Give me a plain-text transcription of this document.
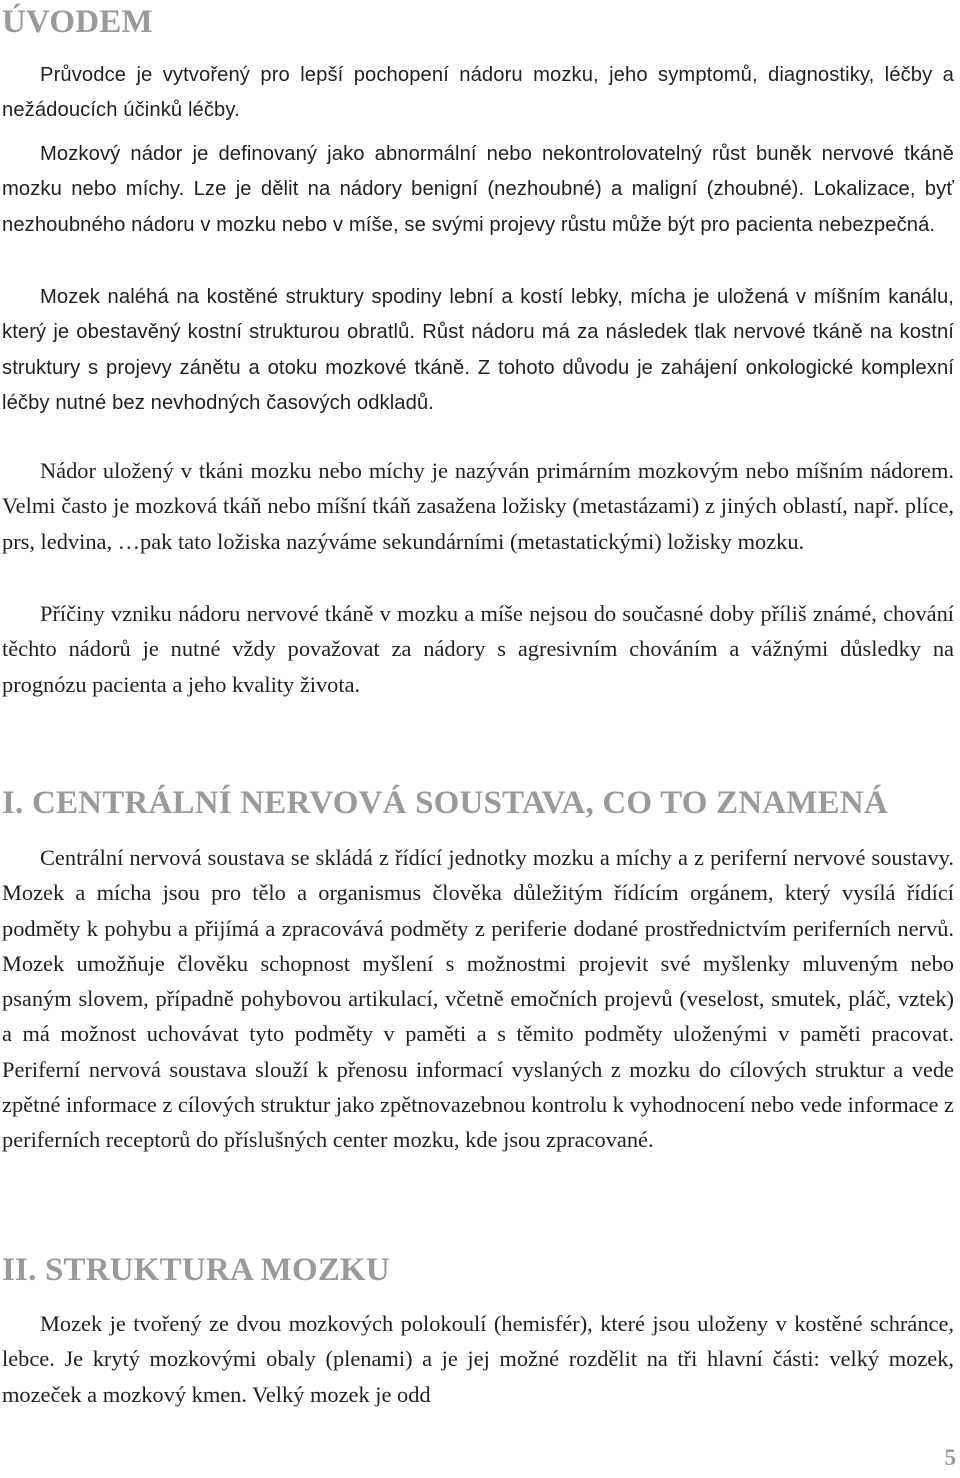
ÚVODEM

Průvodce je vytvořený pro lepší pochopení nádoru mozku, jeho symptomů, diagnostiky, léčby a nežádoucích účinků léčby.

Mozkový nádor je definovaný jako abnormální nebo nekontrolovatelný růst buněk nervové tkáně mozku nebo míchy. Lze je dělit na nádory benigní (nezhoubné) a maligní (zhoubné). Lokalizace, byť nezhoubného nádoru v mozku nebo v míše, se svými projevy růstu může být pro pacienta nebezpečná.

Mozek naléhá na kostěné struktury spodiny lební a kostí lebky, mícha je uložená v míšním kanálu, který je obestavěný kostní strukturou obratlů. Růst nádoru má za následek tlak nervové tkáně na kostní struktury s projevy zánětu a otoku mozkové tkáně. Z tohoto důvodu je zahájení onkologické komplexní léčby nutné bez nevhodných časových odkladů.

Nádor uložený v tkáni mozku nebo míchy je nazýván primárním mozkovým nebo míšním nádorem. Velmi často je mozková tkáň nebo míšní tkáň zasažena ložisky (metastázami) z jiných oblastí, např. plíce, prs, ledvina, …pak tato ložiska nazýváme sekundárními (metastatickými) ložisky mozku.

Příčiny vzniku nádoru nervové tkáně v mozku a míše nejsou do současné doby příliš známé, chování těchto nádorů je nutné vždy považovat za nádory s agresivním chováním a vážnými důsledky na prognózu pacienta a jeho kvality života.

I. CENTRÁLNÍ NERVOVÁ SOUSTAVA, CO TO ZNAMENÁ

Centrální nervová soustava se skládá z řídící jednotky mozku a míchy a z periferní nervové soustavy. Mozek a mícha jsou pro tělo a organismus člověka důležitým řídícím orgánem, který vysílá řídící podměty k pohybu a přijímá a zpracovává podměty z periferie dodané prostřednictvím periferních nervů. Mozek umožňuje člověku schopnost myšlení s možnostmi projevit své myšlenky mluveným nebo psaným slovem, případně pohybovou artikulací, včetně emočních projevů (veselost, smutek, pláč, vztek) a má možnost uchovávat tyto podměty v paměti a s těmito podměty uloženými v paměti pracovat. Periferní nervová soustava slouží k přenosu informací vyslaných z mozku do cílových struktur a vede zpětné informace z cílových struktur jako zpětnovazebnou kontrolu k vyhodnocení nebo vede informace z periferních receptorů do příslušných center mozku, kde jsou zpracované.

II. STRUKTURA MOZKU

Mozek je tvořený ze dvou mozkových polokoulí (hemisfér), které jsou uloženy v kostěné schránce, lebce. Je krytý mozkovými obaly (plenami) a je jej možné rozdělit na tři hlavní části: velký mozek, mozeček a mozkový kmen. Velký mozek je odd

5
